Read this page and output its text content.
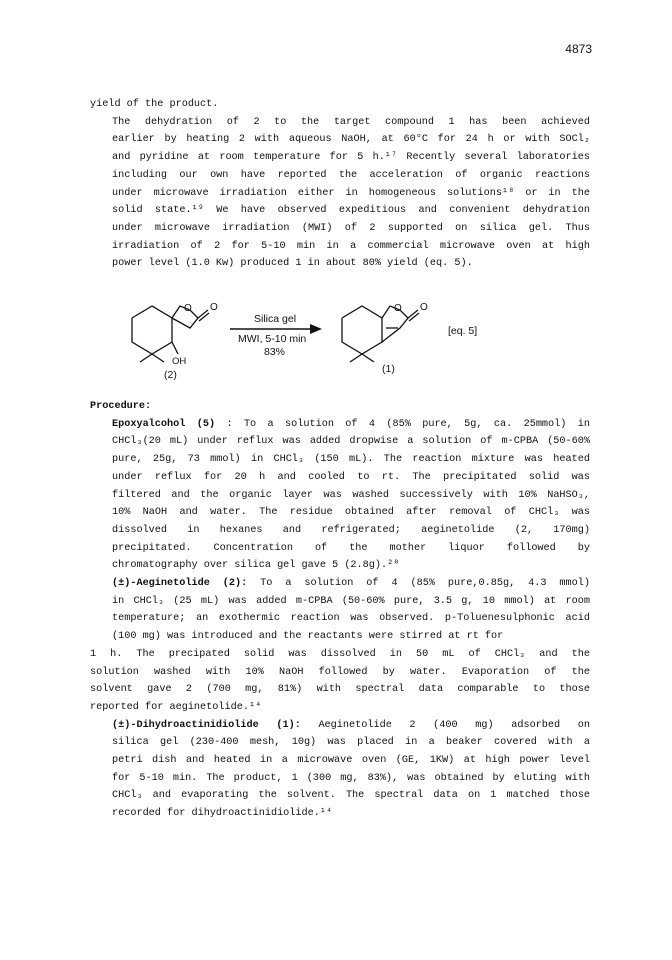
4873
yield of the product.
The dehydration of 2 to the target compound 1 has been achieved
earlier by heating 2 with aqueous NaOH, at 60°C for 24 h or with SOCl₂
and pyridine at room temperature for 5 h.¹⁷ Recently several laboratories
including our own have reported the acceleration of organic reactions
under microwave irradiation either in homogeneous solutions¹⁸ or in the
solid state.¹⁹ We have observed expeditious and convenient dehydration
under microwave irradiation (MWI) of 2 supported on silica gel. Thus
irradiation of 2 for 5-10 min in a commercial microwave oven at high
power level (1.0 Kw) produced 1 in about 80% yield (eq. 5).
O O
OH
(2)
Silica gel
MWI, 5-10 min
83%
O O
(1)
[eq. 5]
Procedure:
Epoxyalcohol (5) : To a solution of 4 (85% pure, 5g, ca. 25mmol) in
CHCl₃(20 mL) under reflux was added dropwise a solution of m-CPBA (50-60%
pure, 25g, 73 mmol) in CHCl₃ (150 mL). The reaction mixture was heated
under reflux for 20 h and cooled to rt. The precipitated solid was
filtered and the organic layer was washed successively with 10% NaHSO₃,
10% NaOH and water. The residue obtained after removal of CHCl₃ was
dissolved in hexanes and refrigerated; aeginetolide (2, 170mg)
precipitated. Concentration of the mother liquor followed by
chromatography over silica gel gave 5 (2.8g).²⁰
(±)-Aeginetolide (2): To a solution of 4 (85% pure,0.85g, 4.3 mmol)
in CHCl₃ (25 mL) was added m-CPBA (50-60% pure, 3.5 g, 10 mmol) at room
temperature; an exothermic reaction was observed. p-Toluenesulphonic acid
(100 mg) was introduced and the reactants were stirred at rt for
1 h. The precipated solid was dissolved in 50 mL of CHCl₃ and the
solution washed with 10% NaOH followed by water. Evaporation of the
solvent gave 2 (700 mg, 81%) with spectral data comparable to those
reported for aeginetolide.¹⁴
(±)-Dihydroactinidiolide (1): Aeginetolide 2 (400 mg) adsorbed on
silica gel (230-400 mesh, 10g) was placed in a beaker covered with a
petri dish and heated in a microwave oven (GE, 1KW) at high power level
for 5-10 min. The product, 1 (300 mg, 83%), was obtained by eluting with
CHCl₃ and evaporating the solvent. The spectral data on 1 matched those
recorded for dihydroactinidiolide.¹⁴
